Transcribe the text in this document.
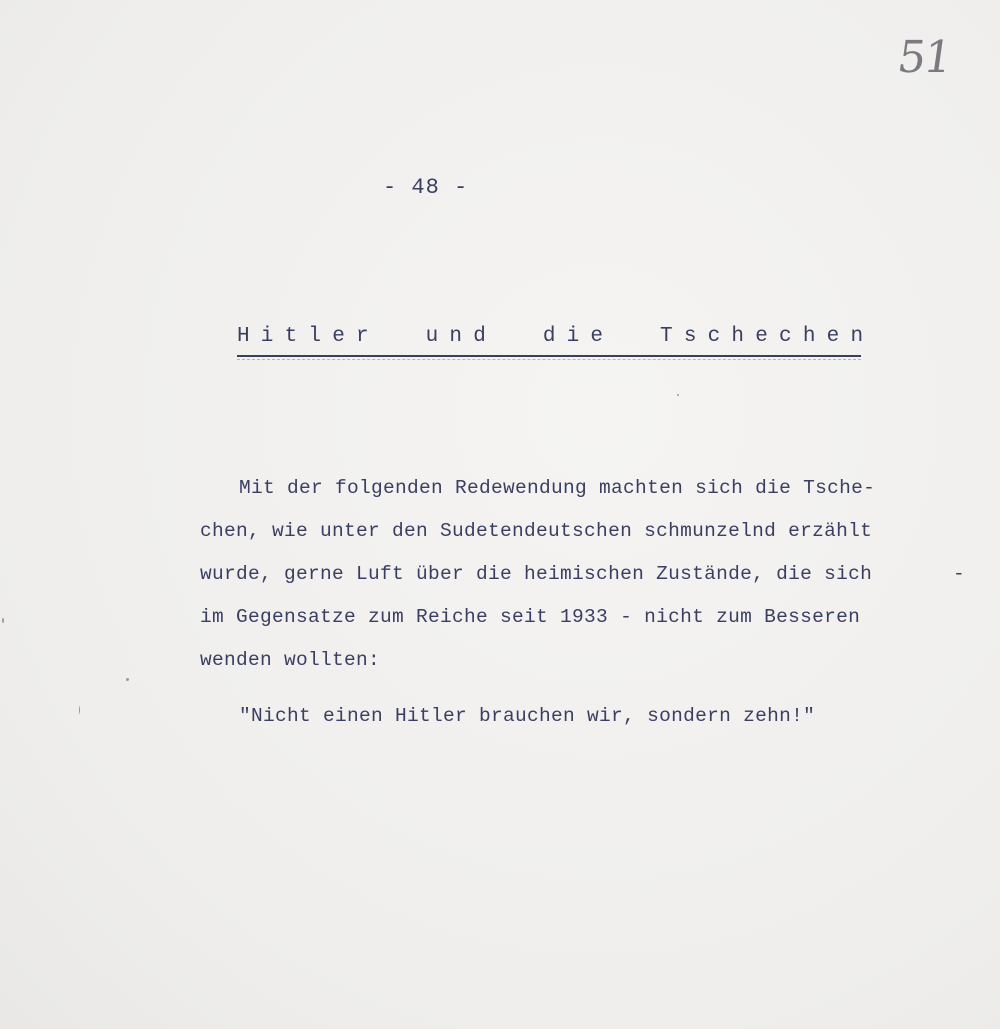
51
- 48 -
Hitler und die Tschechen
Mit der folgenden Redewendung machten sich die Tsche-
chen, wie unter den Sudetendeutschen schmunzelnd erzählt
wurde, gerne Luft über die heimischen Zustände, die sich
im Gegensatze zum Reiche seit 1933 - nicht zum Besseren
wenden wollten:
-
"Nicht einen Hitler brauchen wir, sondern zehn!"
